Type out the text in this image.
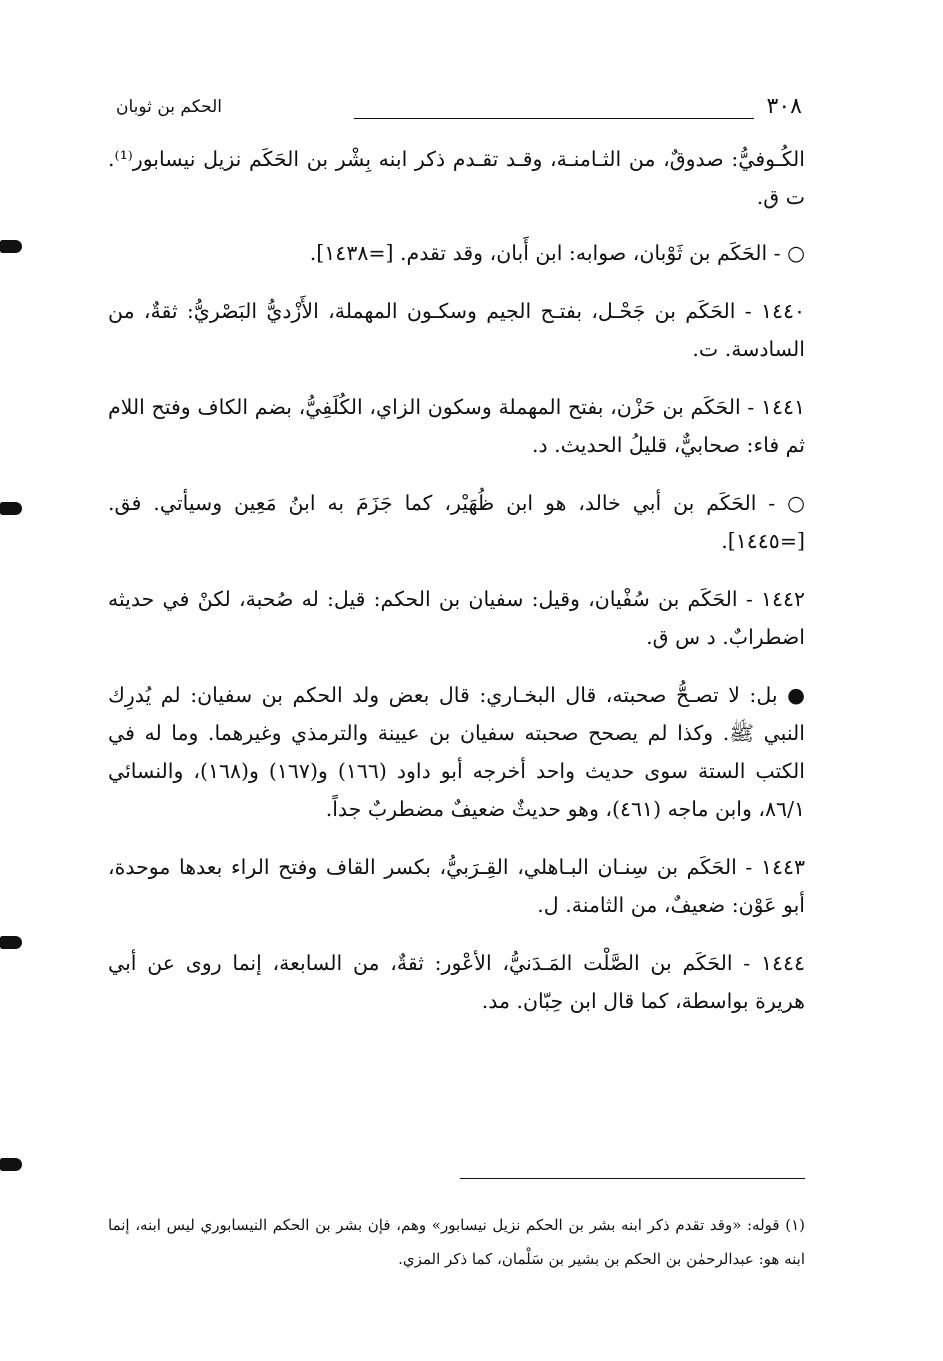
٣٠٨
الحكم بن ثوبان

الكُـوفيُّ: صدوقٌ، من الثـامنـة، وقـد تقـدم ذكر ابنه بِشْر بن الحَكَم نزيل نيسابور⁽¹⁾. ت ق.

○ - الحَكَم بن ثَوْبان، صوابه: ابن أَبان، وقد تقدم. [=١٤٣٨].

١٤٤٠ - الحَكَم بن جَحْـل، بفتـح الجيم وسكـون المهملة، الأَزْديُّ البَصْريُّ: ثقةٌ، من السادسة. ت.

١٤٤١ - الحَكَم بن حَزْن، بفتح المهملة وسكون الزاي، الكُلَفِيُّ، بضم الكاف وفتح اللام ثم فاء: صحابيٌّ، قليلُ الحديث. د.

○ - الحَكَم بن أبي خالد، هو ابن ظُهَيْر، كما جَزَمَ به ابنُ مَعِين وسيأتي. فق. [=١٤٤٥].

١٤٤٢ - الحَكَم بن سُفْيان، وقيل: سفيان بن الحكم: قيل: له صُحبة، لكنْ في حديثه اضطرابٌ. د س ق.

● بل: لا تصـحُّ صحبته، قال البخـاري: قال بعض ولد الحكم بن سفيان: لم يُدرِك النبي ﷺ. وكذا لم يصحح صحبته سفيان بن عيينة والترمذي وغيرهما. وما له في الكتب الستة سوى حديث واحد أخرجه أبو داود (١٦٦) و(١٦٧) و(١٦٨)، والنسائي ٨٦/١، وابن ماجه (٤٦١)، وهو حديثٌ ضعيفٌ مضطربٌ جداً.

١٤٤٣ - الحَكَم بن سِنـان البـاهلي، القِـرَبيُّ، بكسر القاف وفتح الراء بعدها موحدة، أبو عَوْن: ضعيفٌ، من الثامنة. ل.

١٤٤٤ - الحَكَم بن الصَّلْت المَـدَنيُّ، الأعْور: ثقةٌ، من السابعة، إنما روى عن أبي هريرة بواسطة، كما قال ابن حِبّان. مد.

(١) قوله: «وقد تقدم ذكر ابنه بشر بن الحكم نزيل نيسابور» وهم، فإن بشر بن الحكم النيسابوري ليس ابنه، إنما ابنه هو: عبدالرحمٰن بن الحكم بن بشير بن سَلْمان، كما ذكر المزي.
